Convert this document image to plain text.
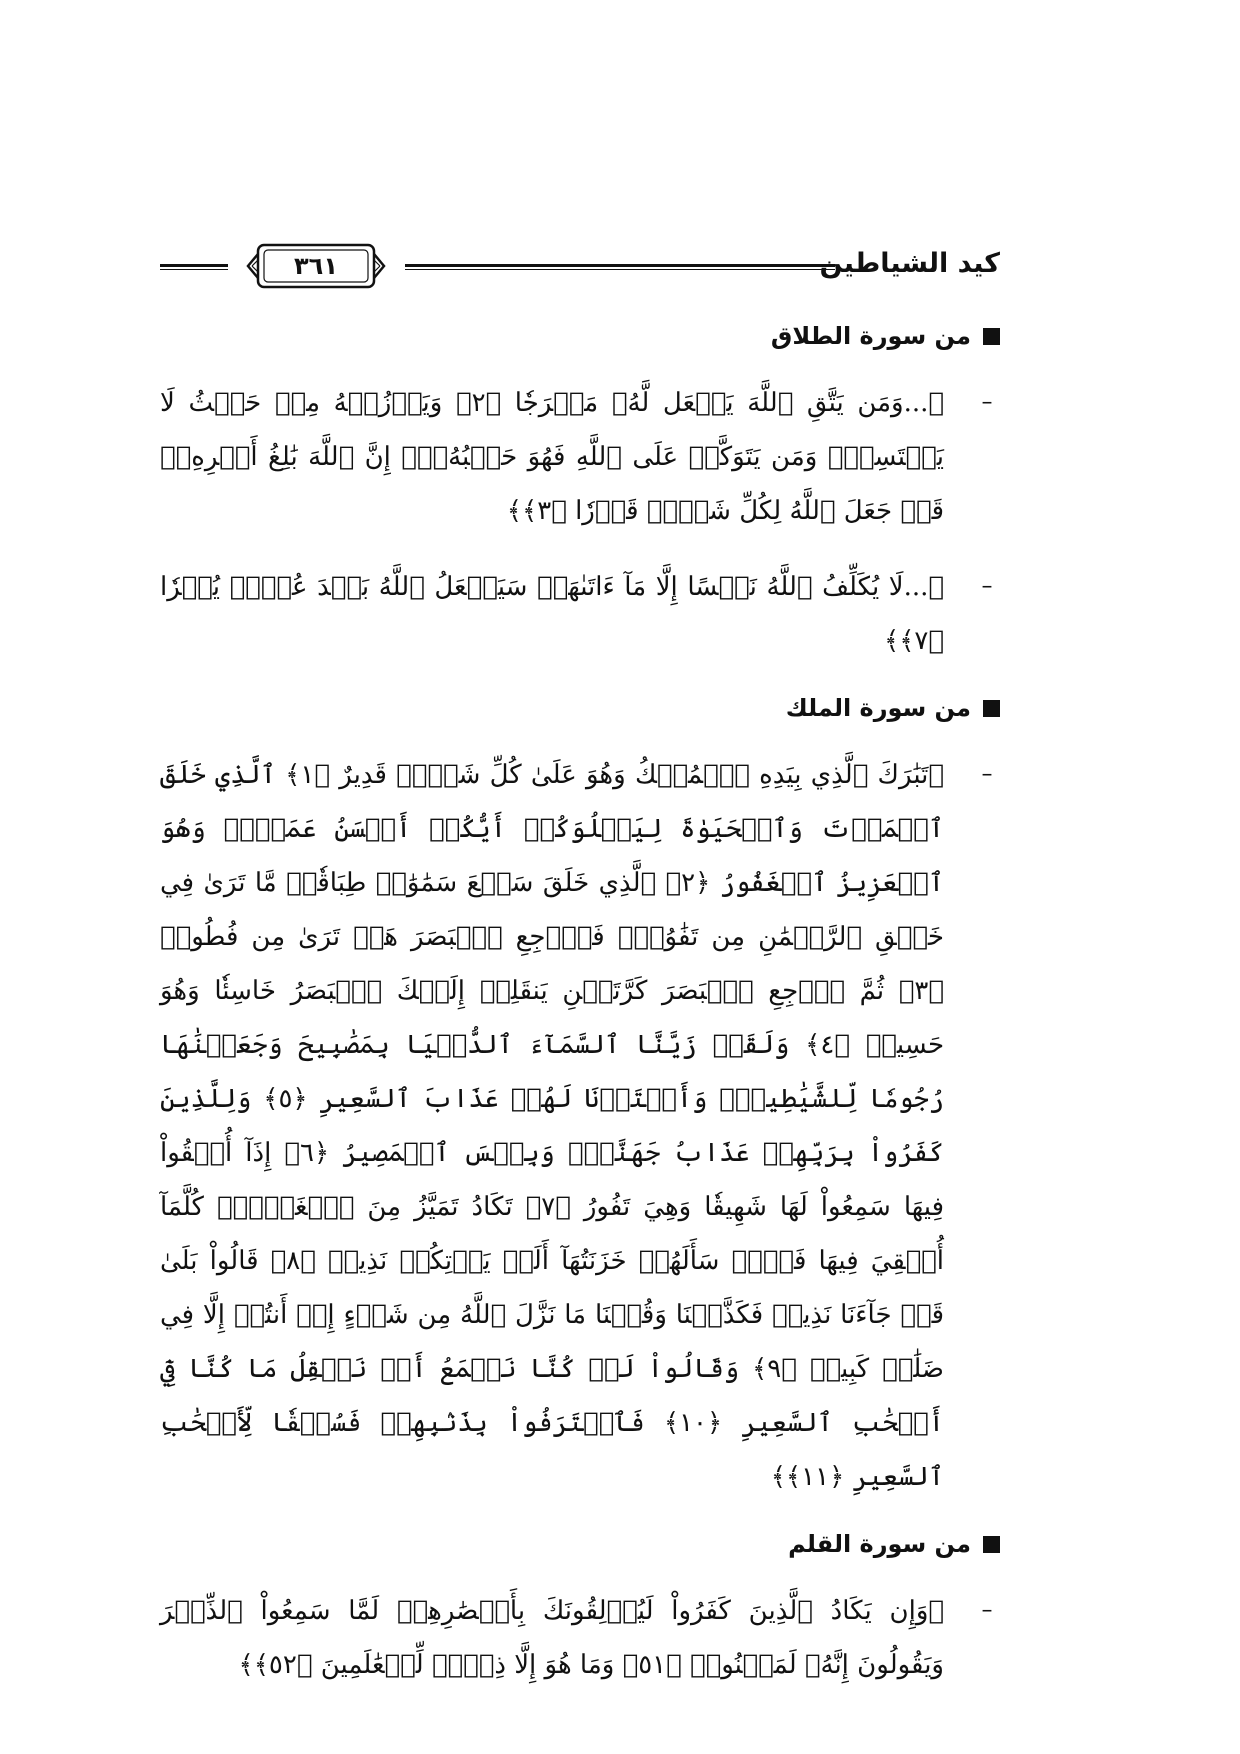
كيد الشياطين
٣٦١
من سورة الطلاق
–

﴿...وَمَن يَتَّقِ ٱللَّهَ يَجۡعَل لَّهُۥ مَخۡرَجٗا ﴿٢﴾ وَيَرۡزُقۡهُ مِنۡ حَيۡثُ لَا يَحۡتَسِبُۚ وَمَن يَتَوَكَّلۡ عَلَى ٱللَّهِ فَهُوَ حَسۡبُهُۥٓۚ إِنَّ ٱللَّهَ بَٰلِغُ أَمۡرِهِۦۚ قَدۡ جَعَلَ ٱللَّهُ لِكُلِّ شَيۡءٖ قَدۡرٗا ﴿٣﴾﴾

–

﴿...لَا يُكَلِّفُ ٱللَّهُ نَفۡسًا إِلَّا مَآ ءَاتَىٰهَاۚ سَيَجۡعَلُ ٱللَّهُ بَعۡدَ عُسۡرٖ يُسۡرٗا ﴿٧﴾﴾

من سورة الملك
–

﴿تَبَٰرَكَ ٱلَّذِي بِيَدِهِ ٱلۡمُلۡكُ وَهُوَ عَلَىٰ كُلِّ شَيۡءٖ قَدِيرٌ ﴿١﴾ ٱلَّذِي خَلَقَ ٱلۡمَوۡتَ وَٱلۡحَيَوٰةَ لِيَبۡلُوَكُمۡ أَيُّكُمۡ أَحۡسَنُ عَمَلٗاۚ وَهُوَ ٱلۡعَزِيزُ ٱلۡغَفُورُ ﴿٢﴾ ٱلَّذِي خَلَقَ سَبۡعَ سَمَٰوَٰتٖ طِبَاقٗاۖ مَّا تَرَىٰ فِي خَلۡقِ ٱلرَّحۡمَٰنِ مِن تَفَٰوُتٖۖ فَٱرۡجِعِ ٱلۡبَصَرَ هَلۡ تَرَىٰ مِن فُطُورٖ ﴿٣﴾ ثُمَّ ٱرۡجِعِ ٱلۡبَصَرَ كَرَّتَيۡنِ يَنقَلِبۡ إِلَيۡكَ ٱلۡبَصَرُ خَاسِئٗا وَهُوَ حَسِيرٞ ﴿٤﴾ وَلَقَدۡ زَيَّنَّا ٱلسَّمَآءَ ٱلدُّنۡيَا بِمَصَٰبِيحَ وَجَعَلۡنَٰهَا رُجُومٗا لِّلشَّيَٰطِينِۖ وَأَعۡتَدۡنَا لَهُمۡ عَذَابَ ٱلسَّعِيرِ ﴿٥﴾ وَلِلَّذِينَ كَفَرُواْ بِرَبِّهِمۡ عَذَابُ جَهَنَّمَۖ وَبِئۡسَ ٱلۡمَصِيرُ ﴿٦﴾ إِذَآ أُلۡقُواْ فِيهَا سَمِعُواْ لَهَا شَهِيقٗا وَهِيَ تَفُورُ ﴿٧﴾ تَكَادُ تَمَيَّزُ مِنَ ٱلۡغَيۡظِۖ كُلَّمَآ أُلۡقِيَ فِيهَا فَوۡجٞ سَأَلَهُمۡ خَزَنَتُهَآ أَلَمۡ يَأۡتِكُمۡ نَذِيرٞ ﴿٨﴾ قَالُواْ بَلَىٰ قَدۡ جَآءَنَا نَذِيرٞ فَكَذَّبۡنَا وَقُلۡنَا مَا نَزَّلَ ٱللَّهُ مِن شَيۡءٍ إِنۡ أَنتُمۡ إِلَّا فِي ضَلَٰلٖ كَبِيرٖ ﴿٩﴾ وَقَالُواْ لَوۡ كُنَّا نَسۡمَعُ أَوۡ نَعۡقِلُ مَا كُنَّا فِيٓ أَصۡحَٰبِ ٱلسَّعِيرِ ﴿١٠﴾ فَٱعۡتَرَفُواْ بِذَنۢبِهِمۡ فَسُحۡقٗا لِّأَصۡحَٰبِ ٱلسَّعِيرِ ﴿١١﴾﴾

من سورة القلم
–

﴿وَإِن يَكَادُ ٱلَّذِينَ كَفَرُواْ لَيُزۡلِقُونَكَ بِأَبۡصَٰرِهِمۡ لَمَّا سَمِعُواْ ٱلذِّكۡرَ وَيَقُولُونَ إِنَّهُۥ لَمَجۡنُونٞ ﴿٥١﴾ وَمَا هُوَ إِلَّا ذِكۡرٞ لِّلۡعَٰلَمِينَ ﴿٥٢﴾﴾
